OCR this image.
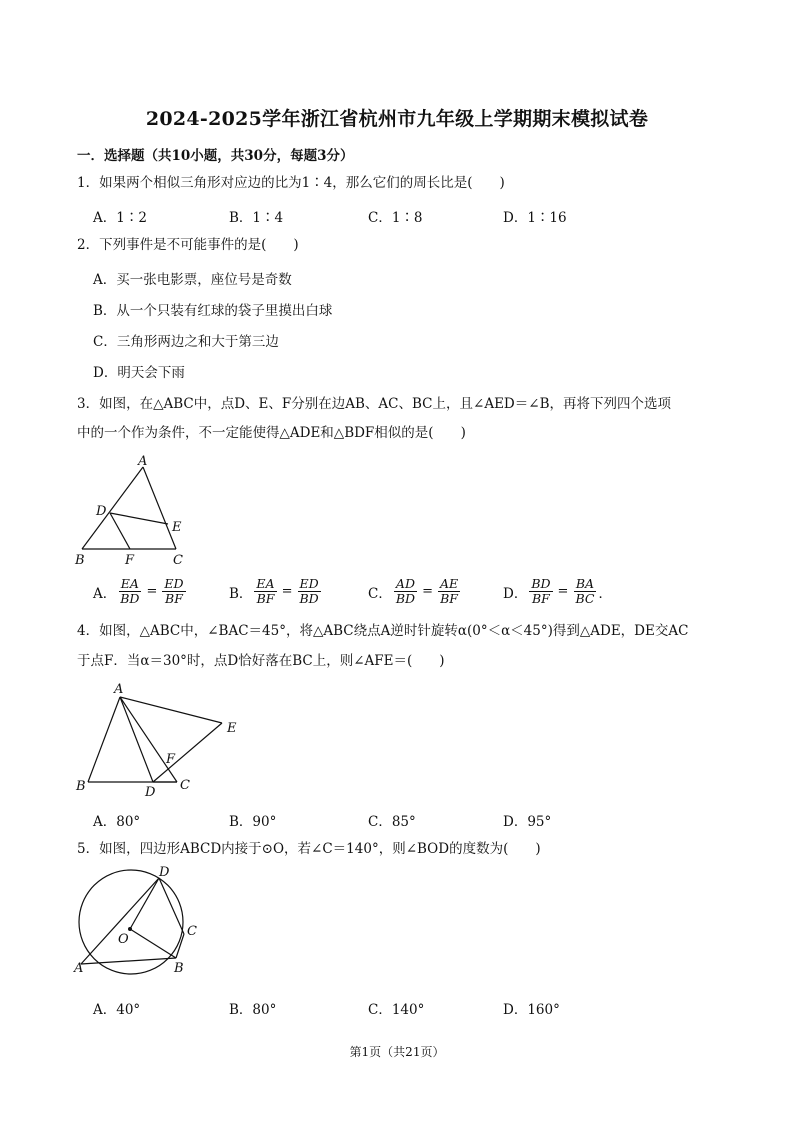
2024-2025学年浙江省杭州市九年级上学期期末模拟试卷
一．选择题（共10小题，共30分，每题3分）
1．如果两个相似三角形对应边的比为1∶4，那么它们的周长比是(　　)
A．1∶2	B．1∶4	C．1∶8	D．1∶16
2．下列事件是不可能事件的是(　　)
A．买一张电影票，座位号是奇数
B．从一个只装有红球的袋子里摸出白球
C．三角形两边之和大于第三边
D．明天会下雨
3．如图，在△ABC中，点D、E、F分别在边AB、AC、BC上，且∠AED＝∠B，再将下列四个选项
中的一个作为条件，不一定能使得△ADE和△BDF相似的是(　　)
A
D
E
B	F	C
A． $\frac{EA}{BD} = \frac{ED}{BF}$	B． $\frac{EA}{BF} = \frac{ED}{BD}$	C． $\frac{AD}{BD} = \frac{AE}{BF}$	D． $\frac{BD}{BF} = \frac{BA}{BC}$ ．
4．如图，△ABC中，∠BAC＝45°，将△ABC绕点A逆时针旋转α(0°＜α＜45°)得到△ADE，DE交AC
于点F．当α＝30°时，点D恰好落在BC上，则∠AFE＝(　　)
A
E
F
B	D C
A．80°	B．90°	C．85°	D．95°
5．如图，四边形ABCD内接于⊙O，若∠C＝140°，则∠BOD的度数为(　　)
D
C
O
A	B
A．40°	B．80°	C．140°	D．160°
第1页（共21页）
